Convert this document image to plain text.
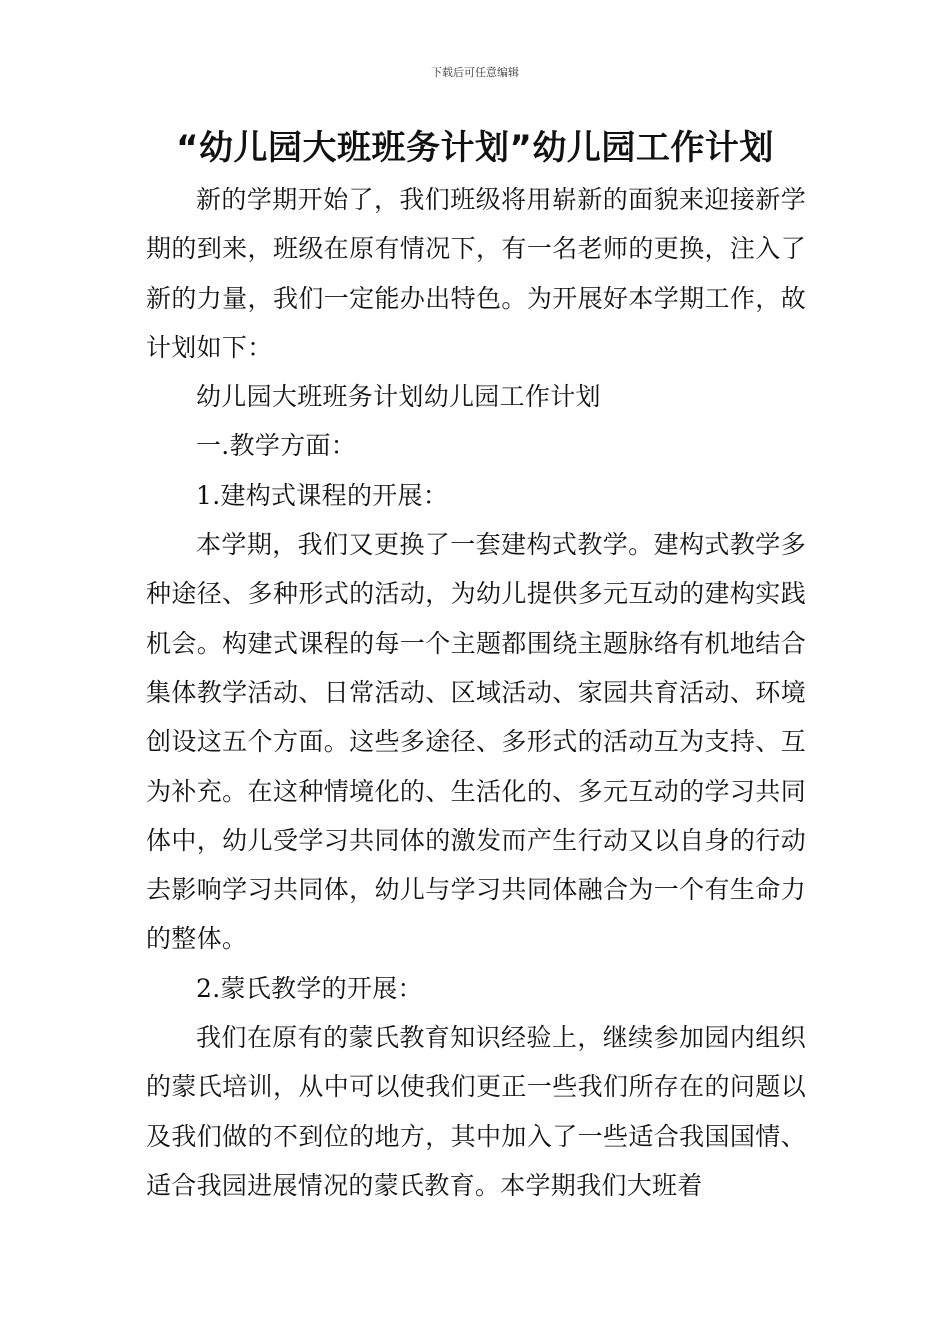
下载后可任意编辑
“幼儿园大班班务计划”幼儿园工作计划

新的学期开始了，我们班级将用崭新的面貌来迎接新学期的到来，班级在原有情况下，有一名老师的更换，注入了新的力量，我们一定能办出特色。为开展好本学期工作，故计划如下：

幼儿园大班班务计划幼儿园工作计划

一.教学方面：

1.建构式课程的开展：

本学期，我们又更换了一套建构式教学。建构式教学多种途径、多种形式的活动，为幼儿提供多元互动的建构实践机会。构建式课程的每一个主题都围绕主题脉络有机地结合集体教学活动、日常活动、区域活动、家园共育活动、环境创设这五个方面。这些多途径、多形式的活动互为支持、互为补充。在这种情境化的、生活化的、多元互动的学习共同体中，幼儿受学习共同体的激发而产生行动又以自身的行动去影响学习共同体，幼儿与学习共同体融合为一个有生命力的整体。

2.蒙氏教学的开展：

我们在原有的蒙氏教育知识经验上，继续参加园内组织的蒙氏培训，从中可以使我们更正一些我们所存在的问题以及我们做的不到位的地方，其中加入了一些适合我国国情、适合我园进展情况的蒙氏教育。本学期我们大班着
